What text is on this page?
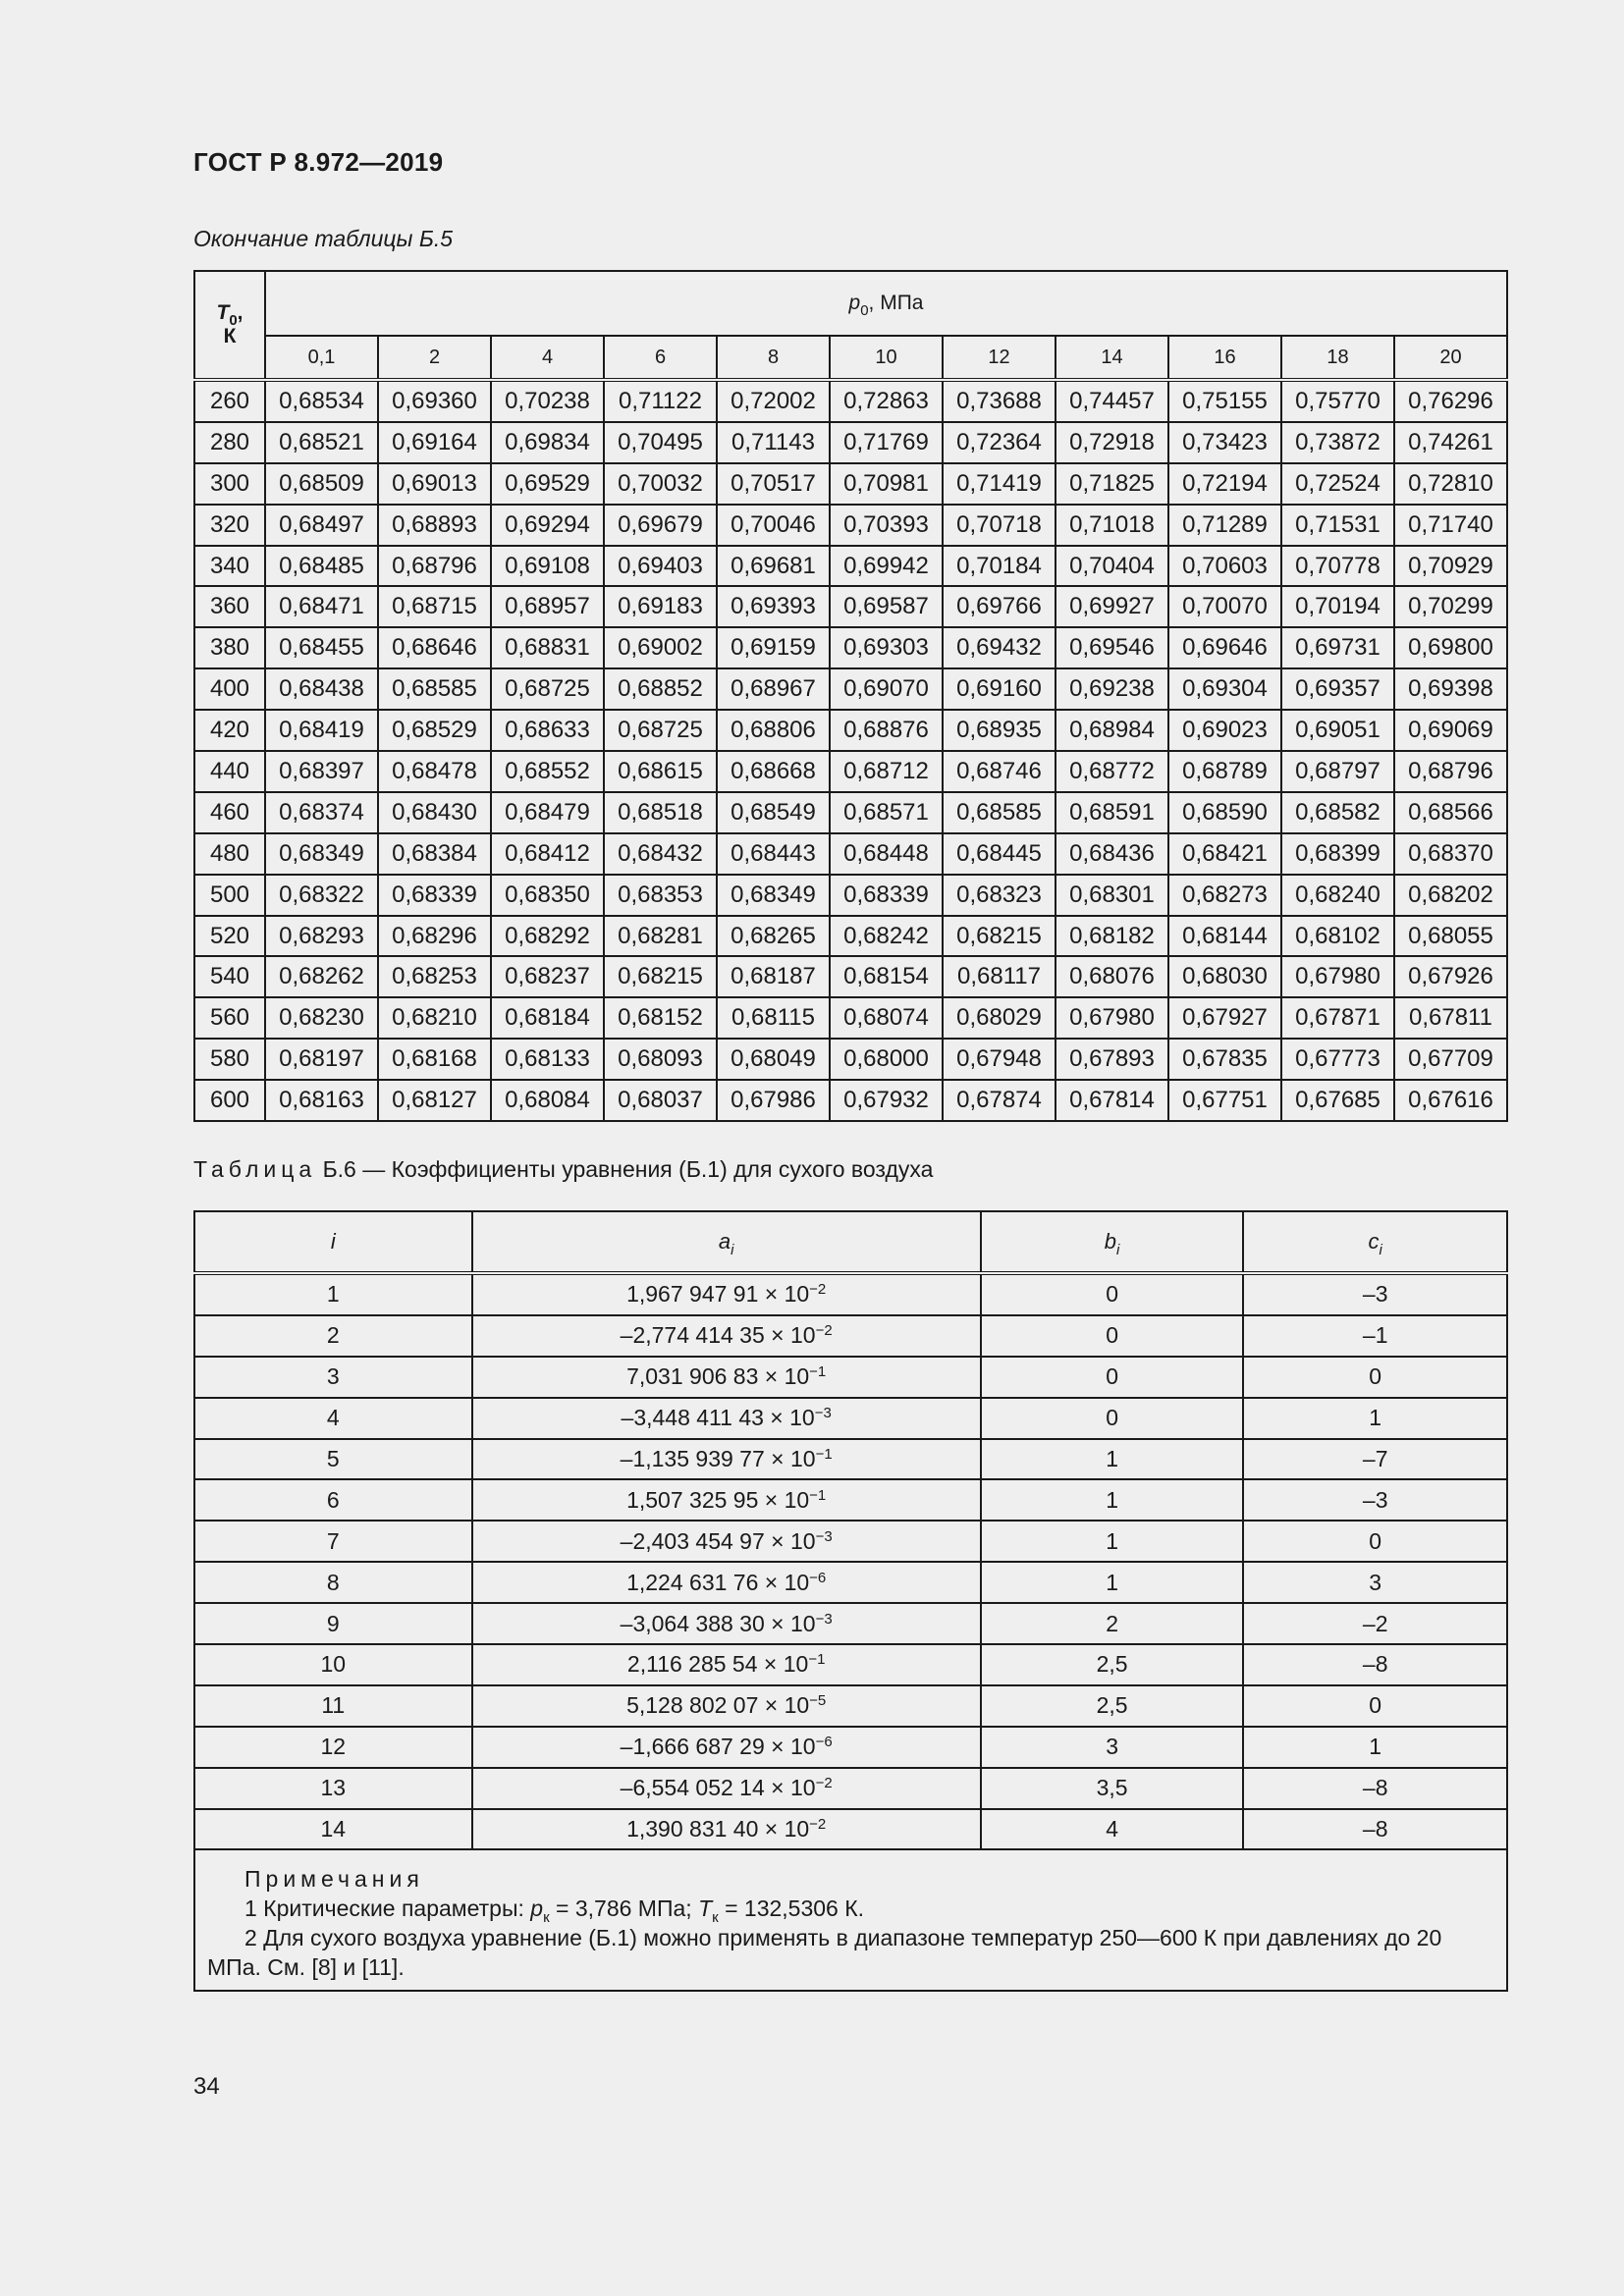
ГОСТ Р 8.972—2019
Окончание таблицы Б.5
$T_0$,
К	$p_0$, МПа										
	0,1	2	4	6	8	10	12	14	16	18	20
260	0,68534	0,69360	0,70238	0,71122	0,72002	0,72863	0,73688	0,74457	0,75155	0,75770	0,76296
280	0,68521	0,69164	0,69834	0,70495	0,71143	0,71769	0,72364	0,72918	0,73423	0,73872	0,74261
300	0,68509	0,69013	0,69529	0,70032	0,70517	0,70981	0,71419	0,71825	0,72194	0,72524	0,72810
320	0,68497	0,68893	0,69294	0,69679	0,70046	0,70393	0,70718	0,71018	0,71289	0,71531	0,71740
340	0,68485	0,68796	0,69108	0,69403	0,69681	0,69942	0,70184	0,70404	0,70603	0,70778	0,70929
360	0,68471	0,68715	0,68957	0,69183	0,69393	0,69587	0,69766	0,69927	0,70070	0,70194	0,70299
380	0,68455	0,68646	0,68831	0,69002	0,69159	0,69303	0,69432	0,69546	0,69646	0,69731	0,69800
400	0,68438	0,68585	0,68725	0,68852	0,68967	0,69070	0,69160	0,69238	0,69304	0,69357	0,69398
420	0,68419	0,68529	0,68633	0,68725	0,68806	0,68876	0,68935	0,68984	0,69023	0,69051	0,69069
440	0,68397	0,68478	0,68552	0,68615	0,68668	0,68712	0,68746	0,68772	0,68789	0,68797	0,68796
460	0,68374	0,68430	0,68479	0,68518	0,68549	0,68571	0,68585	0,68591	0,68590	0,68582	0,68566
480	0,68349	0,68384	0,68412	0,68432	0,68443	0,68448	0,68445	0,68436	0,68421	0,68399	0,68370
500	0,68322	0,68339	0,68350	0,68353	0,68349	0,68339	0,68323	0,68301	0,68273	0,68240	0,68202
520	0,68293	0,68296	0,68292	0,68281	0,68265	0,68242	0,68215	0,68182	0,68144	0,68102	0,68055
540	0,68262	0,68253	0,68237	0,68215	0,68187	0,68154	0,68117	0,68076	0,68030	0,67980	0,67926
560	0,68230	0,68210	0,68184	0,68152	0,68115	0,68074	0,68029	0,67980	0,67927	0,67871	0,67811
580	0,68197	0,68168	0,68133	0,68093	0,68049	0,68000	0,67948	0,67893	0,67835	0,67773	0,67709
600	0,68163	0,68127	0,68084	0,68037	0,67986	0,67932	0,67874	0,67814	0,67751	0,67685	0,67616
Таблица Б.6 — Коэффициенты уравнения (Б.1) для сухого воздуха
i	$a_i$	$b_i$	$c_i$
1	1,967 947 $91 \times 10^{-2}$	0	–3
2	–2,774 414 $35 \times 10^{-2}$	0	–1
3	7,031 906 $83 \times 10^{-1}$	0	0
4	–3,448 411 $43 \times 10^{-3}$	0	1
5	–1,135 939 $77 \times 10^{-1}$	1	–7
6	1,507 325 $95 \times 10^{-1}$	1	–3
7	–2,403 454 $97 \times 10^{-3}$	1	0
8	1,224 631 $76 \times 10^{-6}$	1	3
9	–3,064 388 $30 \times 10^{-3}$	2	–2
10	2,116 285 $54 \times 10^{-1}$	2,5	–8
11	5,128 802 $07 \times 10^{-5}$	2,5	0
12	–1,666 687 $29 \times 10^{-6}$	3	1
13	–6,554 052 $14 \times 10^{-2}$	3,5	–8
14	1,390 831 $40 \times 10^{-2}$	4	–8

Примечания
1 Критические параметры: $p_к = 3,786$ МПа; $T_к = 132,5306$ К.
2 Для сухого воздуха уравнение (Б.1) можно применять в диапазоне температур 250—600 К при давлениях до 20 МПа. См. [8] и [11].			
34
